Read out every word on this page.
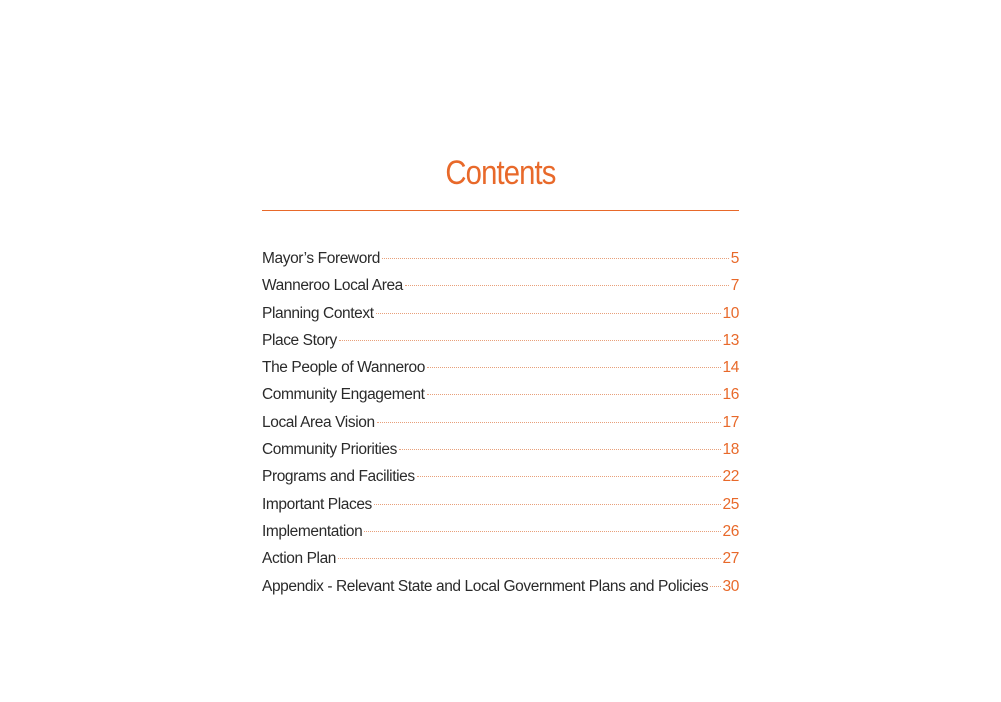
Contents
Mayor’s Foreword	5
Wanneroo Local Area	7
Planning Context	10
Place Story	13
The People of Wanneroo	14
Community Engagement	16
Local Area Vision	17
Community Priorities	18
Programs and Facilities	22
Important Places	25
Implementation	26
Action Plan	27
Appendix - Relevant State and Local Government Plans and Policies 30
